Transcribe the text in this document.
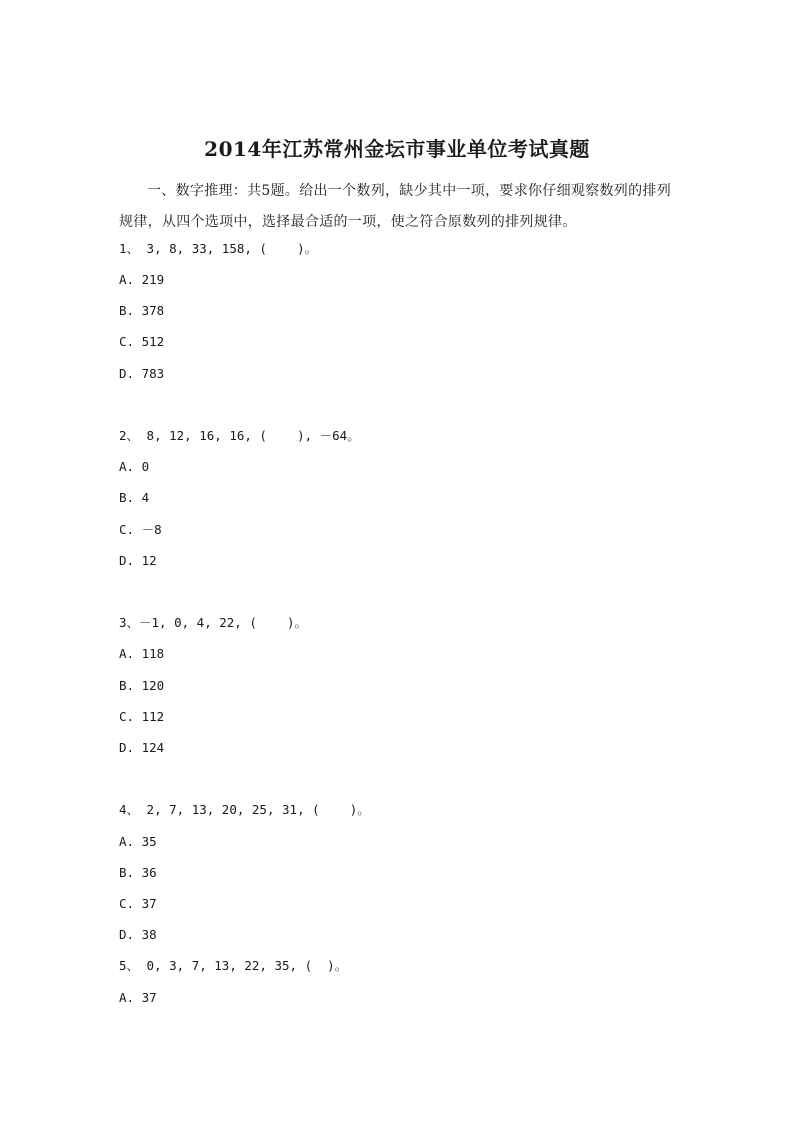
2014年江苏常州金坛市事业单位考试真题
一、数字推理：共5题。给出一个数列，缺少其中一项，要求你仔细观察数列的排列规律，从四个选项中，选择最合适的一项，使之符合原数列的排列规律。
1、 3, 8, 33, 158, (    )。
A. 219
B. 378
C. 512
D. 783
2、 8, 12, 16, 16, (    ), －64。
A. 0
B. 4
C. －8
D. 12
3、－1, 0, 4, 22, (    )。
A. 118
B. 120
C. 112
D. 124
4、 2, 7, 13, 20, 25, 31, (    )。
A. 35
B. 36
C. 37
D. 38
5、 0, 3, 7, 13, 22, 35, (  )。
A. 37
